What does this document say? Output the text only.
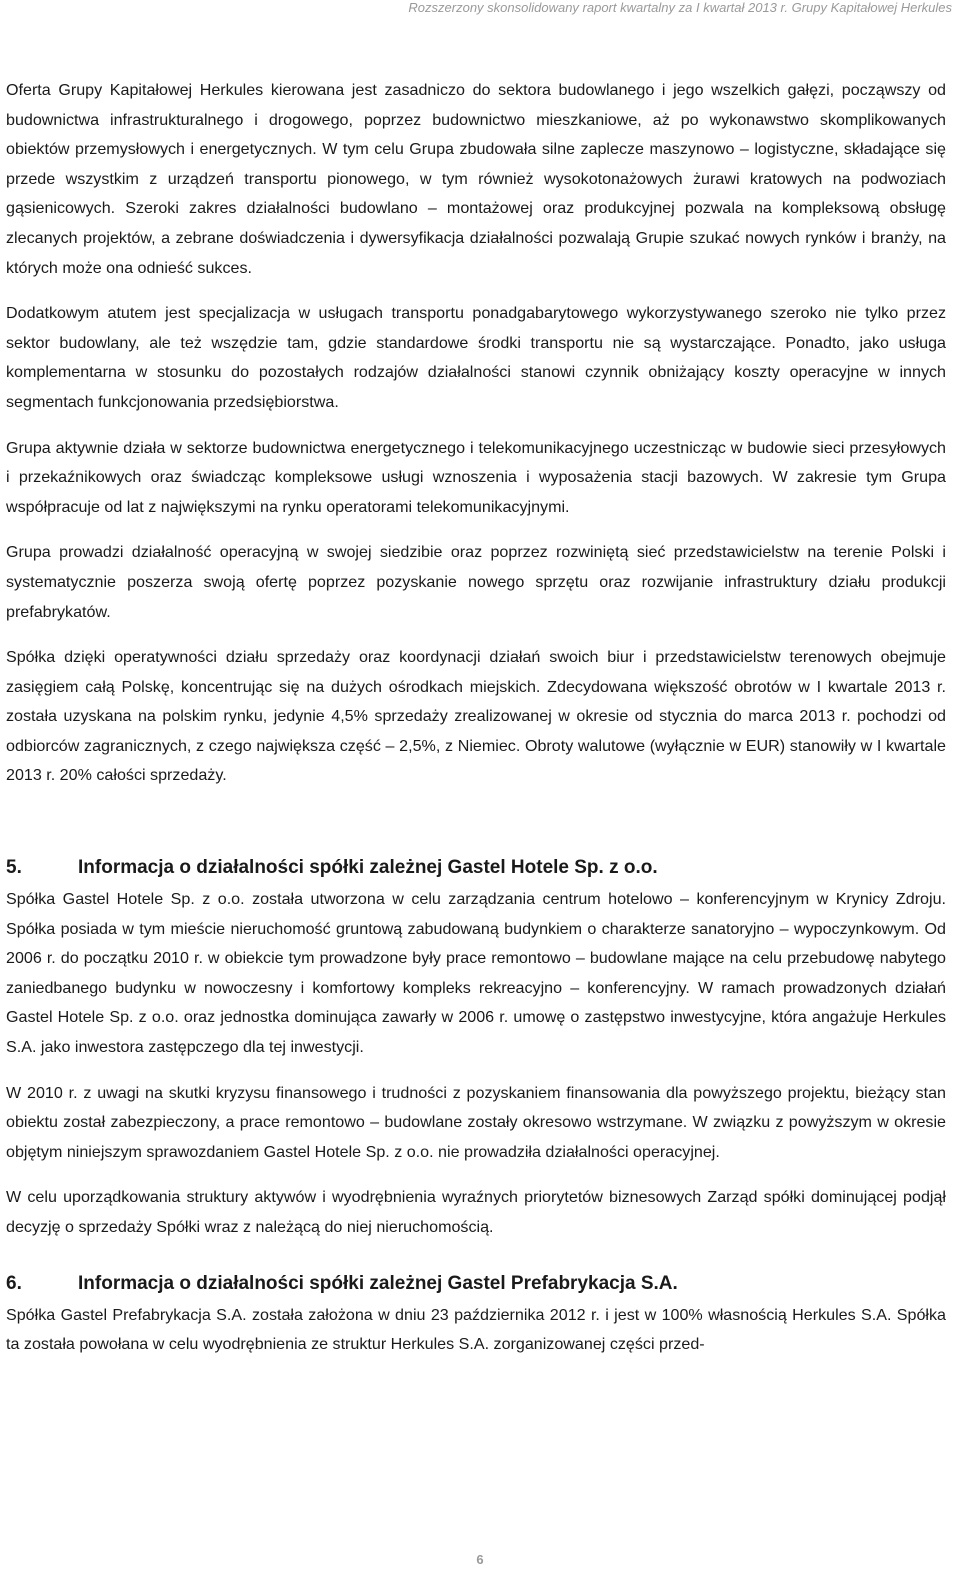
Rozszerzony skonsolidowany raport kwartalny za I kwartał 2013 r. Grupy Kapitałowej Herkules

Oferta Grupy Kapitałowej Herkules kierowana jest zasadniczo do sektora budowlanego i jego wszelkich gałęzi, począwszy od budownictwa infrastrukturalnego i drogowego, poprzez budownictwo mieszkaniowe, aż po wykonawstwo skomplikowanych obiektów przemysłowych i energetycznych. W tym celu Grupa zbudowała silne zaplecze maszynowo – logistyczne, składające się przede wszystkim z urządzeń transportu pionowego, w tym również wysokotonażowych żurawi kratowych na podwoziach gąsienicowych. Szeroki zakres działalności budowlano – montażowej oraz produkcyjnej pozwala na kompleksową obsługę zlecanych projektów, a zebrane doświadczenia i dywersyfikacja działalności pozwalają Grupie szukać nowych rynków i branży, na których może ona odnieść sukces.

Dodatkowym atutem jest specjalizacja w usługach transportu ponadgabarytowego wykorzystywanego szeroko nie tylko przez sektor budowlany, ale też wszędzie tam, gdzie standardowe środki transportu nie są wystarczające. Ponadto, jako usługa komplementarna w stosunku do pozostałych rodzajów działalności stanowi czynnik obniżający koszty operacyjne w innych segmentach funkcjonowania przedsiębiorstwa.

Grupa aktywnie działa w sektorze budownictwa energetycznego i telekomunikacyjnego uczestnicząc w budowie sieci przesyłowych i przekaźnikowych oraz świadcząc kompleksowe usługi wznoszenia i wyposażenia stacji bazowych. W zakresie tym Grupa współpracuje od lat z największymi na rynku operatorami telekomunikacyjnymi.

Grupa prowadzi działalność operacyjną w swojej siedzibie oraz poprzez rozwiniętą sieć przedstawicielstw na terenie Polski i systematycznie poszerza swoją ofertę poprzez pozyskanie nowego sprzętu oraz rozwijanie infrastruktury działu produkcji prefabrykatów.

Spółka dzięki operatywności działu sprzedaży oraz koordynacji działań swoich biur i przedstawicielstw terenowych obejmuje zasięgiem całą Polskę, koncentrując się na dużych ośrodkach miejskich. Zdecydowana większość obrotów w I kwartale 2013 r. została uzyskana na polskim rynku, jedynie 4,5% sprzedaży zrealizowanej w okresie od stycznia do marca 2013 r. pochodzi od odbiorców zagranicznych, z czego największa część – 2,5%, z Niemiec. Obroty walutowe (wyłącznie w EUR) stanowiły w I kwartale 2013 r. 20% całości sprzedaży.

5.	Informacja o działalności spółki zależnej Gastel Hotele Sp. z o.o.

Spółka Gastel Hotele Sp. z o.o. została utworzona w celu zarządzania centrum hotelowo – konferencyjnym w Krynicy Zdroju. Spółka posiada w tym mieście nieruchomość gruntową zabudowaną budynkiem o charakterze sanatoryjno – wypoczynkowym. Od 2006 r. do początku 2010 r. w obiekcie tym prowadzone były prace remontowo – budowlane mające na celu przebudowę nabytego zaniedbanego budynku w nowoczesny i komfortowy kompleks rekreacyjno – konferencyjny. W ramach prowadzonych działań Gastel Hotele Sp. z o.o. oraz jednostka dominująca zawarły w 2006 r. umowę o zastępstwo inwestycyjne, która angażuje Herkules S.A. jako inwestora zastępczego dla tej inwestycji.

W 2010 r. z uwagi na skutki kryzysu finansowego i trudności z pozyskaniem finansowania dla powyższego projektu, bieżący stan obiektu został zabezpieczony, a prace remontowo – budowlane zostały okresowo wstrzymane. W związku z powyższym w okresie objętym niniejszym sprawozdaniem Gastel Hotele Sp. z o.o. nie prowadziła działalności operacyjnej.

W celu uporządkowania struktury aktywów i wyodrębnienia wyraźnych priorytetów biznesowych Zarząd spółki dominującej podjął decyzję o sprzedaży Spółki wraz z należącą do niej nieruchomością.

6.	Informacja o działalności spółki zależnej Gastel Prefabrykacja S.A.

Spółka Gastel Prefabrykacja S.A. została założona w dniu 23 października 2012 r. i jest w 100% własnością Herkules S.A. Spółka ta została powołana w celu wyodrębnienia ze struktur Herkules S.A. zorganizowanej części przed-

6
